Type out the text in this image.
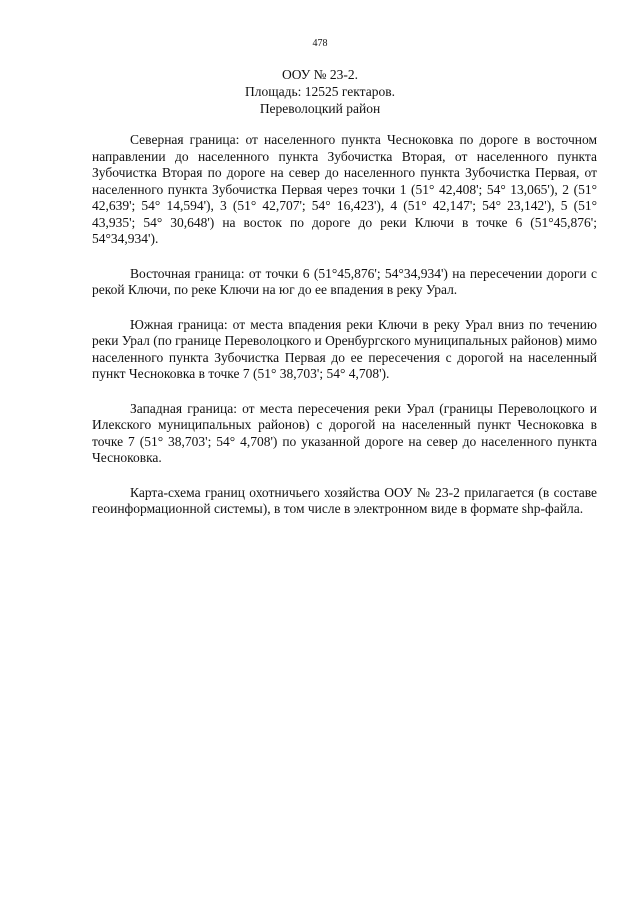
478
ООУ № 23-2.
Площадь: 12525 гектаров.
Переволоцкий район

Северная граница: от населенного пункта Чесноковка по дороге в восточном направлении до населенного пункта Зубочистка Вторая, от населенного пункта Зубочистка Вторая по дороге на север до населенного пункта Зубочистка Первая, от населенного пункта Зубочистка Первая через точки 1 (51° 42,408'; 54° 13,065'), 2 (51° 42,639'; 54° 14,594'), 3 (51° 42,707'; 54° 16,423'), 4 (51° 42,147'; 54° 23,142'), 5 (51° 43,935'; 54° 30,648') на восток по дороге до реки Ключи в точке 6 (51°45,876'; 54°34,934').

Восточная граница: от точки 6 (51°45,876'; 54°34,934') на пересечении дороги с рекой Ключи, по реке Ключи на юг до ее впадения в реку Урал.

Южная граница: от места впадения реки Ключи в реку Урал вниз по течению реки Урал (по границе Переволоцкого и Оренбургского муниципальных районов) мимо населенного пункта Зубочистка Первая до ее пересечения с дорогой на населенный пункт Чесноковка в точке 7 (51° 38,703'; 54° 4,708').

Западная граница: от места пересечения реки Урал (границы Переволоцкого и Илекского муниципальных районов) с дорогой на населенный пункт Чесноковка в точке 7 (51° 38,703'; 54° 4,708') по указанной дороге на север до населенного пункта Чесноковка.

Карта-схема границ охотничьего хозяйства ООУ № 23-2 прилагается (в составе геоинформационной системы), в том числе в электронном виде в формате shp-файла.
